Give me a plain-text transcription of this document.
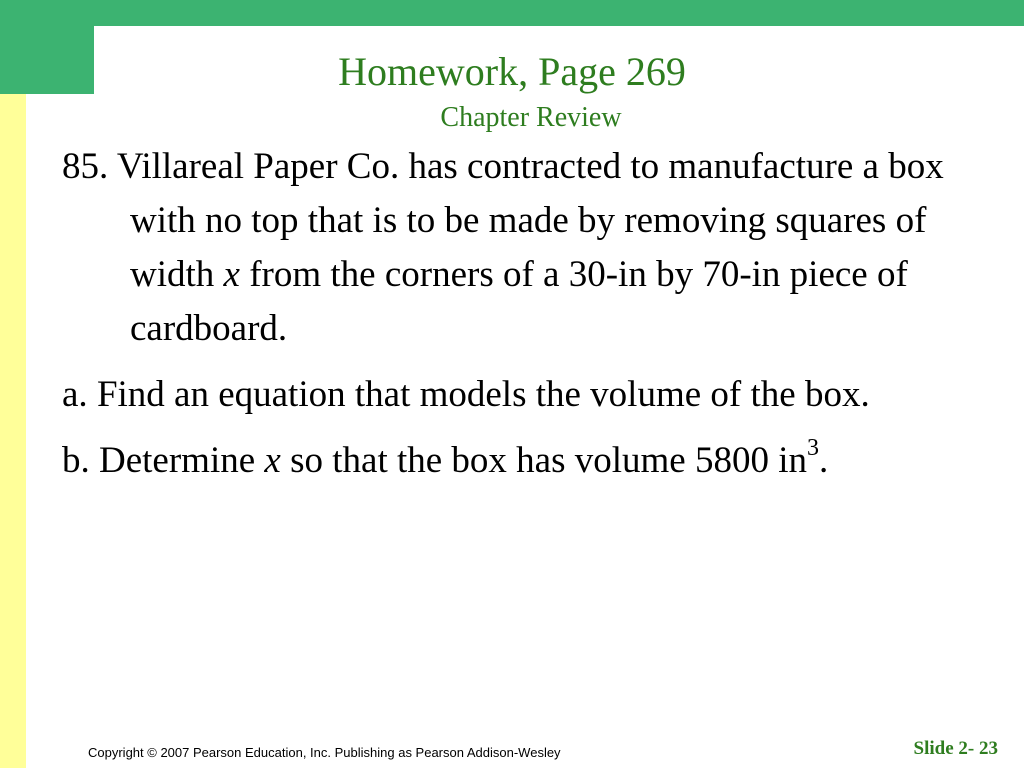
Homework, Page 269
Chapter Review

85. Villareal Paper Co. has contracted to manufacture a box with no top that is to be made by removing squares of width x from the corners of a 30-in by 70-in piece of cardboard.

a. Find an equation that models the volume of the box.

b. Determine x so that the box has volume 5800 $in^3$.

Copyright © 2007 Pearson Education, Inc. Publishing as Pearson Addison-Wesley	Slide 2- 23
